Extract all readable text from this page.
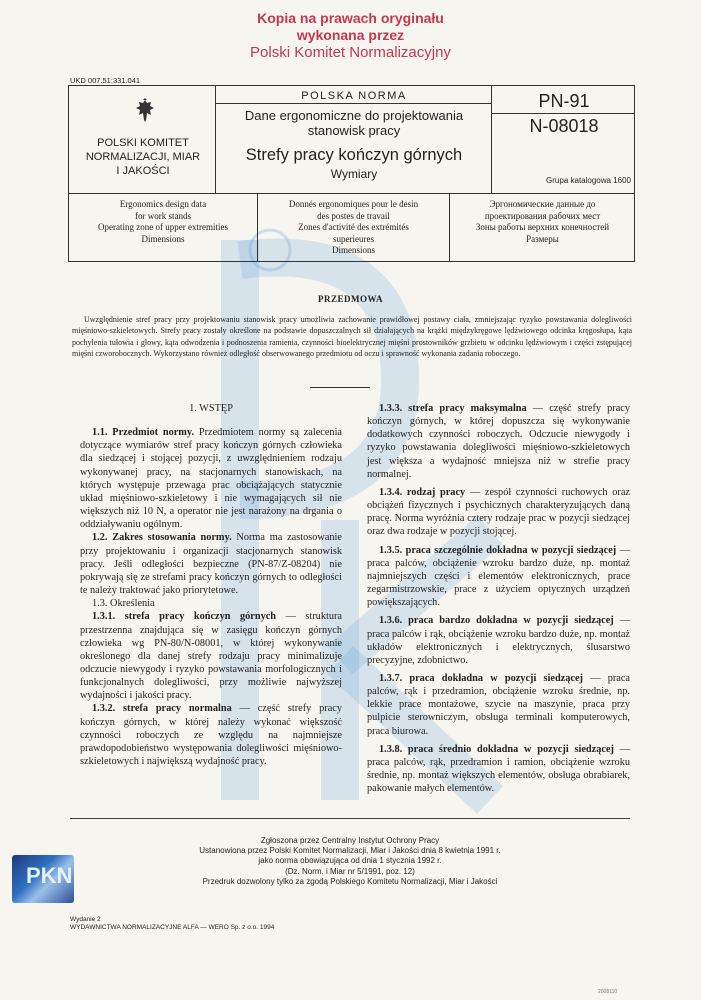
Kopia na prawach oryginału
wykonana przez
Polski Komitet Normalizacyjny
UKD 007.51:331.041
POLSKI KOMITET
NORMALIZACJI, MIAR
I JAKOŚCI
POLSKA NORMA
Dane ergonomiczne do projektowania
stanowisk pracy
Strefy pracy kończyn górnych
Wymiary
PN-91
N-08018
Grupa katalogowa 1600
Ergonomics design data
for work stands
Operating zone of upper extremities
Dimensions
Donnés ergonomiques pour le desin
des postes de travail
Zones d'activité des extrémités
superieures
Dimensions
Эргономические данные до
проектирования рабочих мест
Зоны работы верхних конечностей
Размеры
PRZEDMOWA
Uwzględnienie stref pracy przy projektowaniu stanowisk pracy umożliwia zachowanie prawidłowej postawy ciała, zmniejszając ryzyko powstawania dolegliwości mięśniowo-szkieletowych. Strefy pracy zostały określone na podstawie dopuszczalnych sił działających na krążki międzykręgowe lędźwiowego odcinka kręgosłupa, kąta pochylenia tułowia i głowy, kąta odwodzenia i podnoszenia ramienia, czynności bioelektrycznej mięśni prostowników grzbietu w odcinku lędźwiowym i części zstępującej mięśni czworobocznych. Wykorzystano również odległość obserwowanego przedmiotu od oczu i sprawność wykonania zadania roboczego.

1. WSTĘP

1.1. Przedmiot normy. Przedmiotem normy są zalecenia dotyczące wymiarów stref pracy kończyn górnych człowieka dla siedzącej i stojącej pozycji, z uwzględnieniem rodzaju wykonywanej pracy, na stacjonarnych stanowiskach, na których występuje przewaga prac obciążających statycznie układ mięśniowo-szkieletowy i nie wymagających sił nie większych niż 10 N, a operator nie jest narażony na drgania o oddziaływaniu ogólnym.

1.2. Zakres stosowania normy. Norma ma zastosowanie przy projektowaniu i organizacji stacjonarnych stanowisk pracy. Jeśli odległości bezpieczne (PN-87/Z-08204) nie pokrywają się ze strefami pracy kończyn górnych to odległości te należy traktować jako priorytetowe.

1.3. Określenia

1.3.1. strefa pracy kończyn górnych — struktura przestrzenna znajdująca się w zasięgu kończyn górnych człowieka wg PN-80/N-08001, w której wykonywanie określonego dla danej strefy rodzaju pracy minimalizuje odczucie niewygody i ryzyko powstawania morfologicznych i funkcjonalnych dolegliwości, przy możliwie najwyższej wydajności i jakości pracy.

1.3.2. strefa pracy normalna — część strefy pracy kończyn górnych, w której należy wykonać większość czynności roboczych ze względu na najmniejsze prawdopodobieństwo występowania dolegliwości mięśniowo-szkieletowych i największą wydajność pracy.

1.3.3. strefa pracy maksymalna — część strefy pracy kończyn górnych, w której dopuszcza się wykonywanie dodatkowych czynności roboczych. Odczucie niewygody i ryzyko powstawania dolegliwości mięśniowo-szkieletowych jest większa a wydajność mniejsza niż w strefie pracy normalnej.

1.3.4. rodzaj pracy — zespół czynności ruchowych oraz obciążeń fizycznych i psychicznych charakteryzujących daną pracę. Norma wyróżnia cztery rodzaje prac w pozycji siedzącej oraz dwa rodzaje w pozycji stojącej.

1.3.5. praca szczególnie dokładna w pozycji siedzącej — praca palców, obciążenie wzroku bardzo duże, np. montaż najmniejszych części i elementów elektronicznych, prace zegarmistrzowskie, prace z użyciem optycznych urządzeń powiększających.

1.3.6. praca bardzo dokładna w pozycji siedzącej — praca palców i rąk, obciążenie wzroku bardzo duże, np. montaż układów elektronicznych i elektrycznych, ślusarstwo precyzyjne, zdobnictwo.

1.3.7. praca dokładna w pozycji siedzącej — praca palców, rąk i przedramion, obciążenie wzroku średnie, np. lekkie prace montażowe, szycie na maszynie, praca przy pulpicie sterowniczym, obsługa terminali komputerowych, praca biurowa.

1.3.8. praca średnio dokładna w pozycji siedzącej — praca palców, rąk, przedramion i ramion, obciążenie wzroku średnie, np. montaż większych elementów, obsługa obrabiarek, pakowanie małych elementów.

Zgłoszona przez Centralny Instytut Ochrony Pracy
Ustanowiona przez Polski Komitet Normalizacji, Miar i Jakości dnia 8 kwietnia 1991 r.
jako norma obowiązująca od dnia 1 stycznia 1992 r.
(Dz. Norm. i Miar nr 5/1991, poz. 12)
Przedruk dozwolony tylko za zgodą Polskiego Komitetu Normalizacji, Miar i Jakości
PKN
Wydanie 2
WYDAWNICTWA NORMALIZACYJNE ALFA — WERO Sp. z o.o. 1994
2008110
